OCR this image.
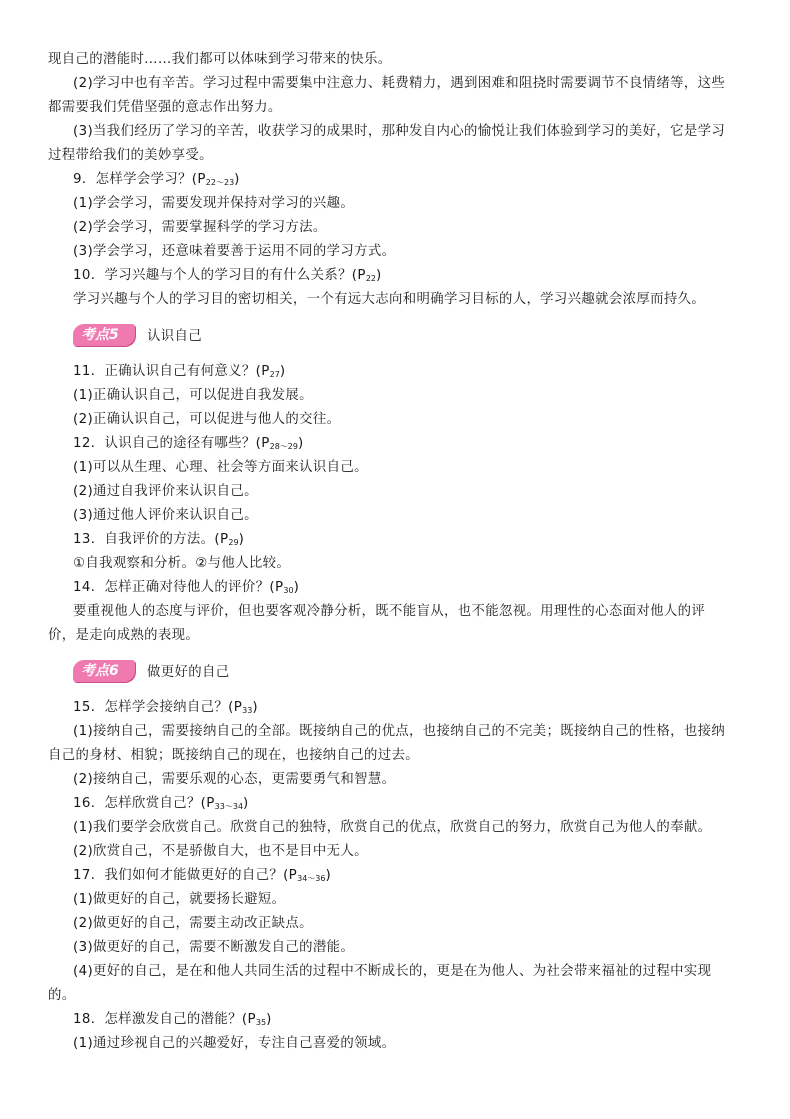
现自己的潜能时……我们都可以体味到学习带来的快乐。
(2)学习中也有辛苦。学习过程中需要集中注意力、耗费精力，遇到困难和阻挠时需要调节不良情绪等，这些
都需要我们凭借坚强的意志作出努力。
(3)当我们经历了学习的辛苦，收获学习的成果时，那种发自内心的愉悦让我们体验到学习的美好，它是学习
过程带给我们的美妙享受。
9．怎样学会学习？$(P_{22\sim 23})$
(1)学会学习，需要发现并保持对学习的兴趣。
(2)学会学习，需要掌握科学的学习方法。
(3)学会学习，还意味着要善于运用不同的学习方式。
10．学习兴趣与个人的学习目的有什么关系？$(P_{22})$
学习兴趣与个人的学习目的密切相关，一个有远大志向和明确学习目标的人，学习兴趣就会浓厚而持久。
考点5 认识自己
11．正确认识自己有何意义？$(P_{27})$
(1)正确认识自己，可以促进自我发展。
(2)正确认识自己，可以促进与他人的交往。
12．认识自己的途径有哪些？$(P_{28\sim 29})$
(1)可以从生理、心理、社会等方面来认识自己。
(2)通过自我评价来认识自己。
(3)通过他人评价来认识自己。
13．自我评价的方法。$(P_{29})$
①自我观察和分析。②与他人比较。
14．怎样正确对待他人的评价？$(P_{30})$
要重视他人的态度与评价，但也要客观冷静分析，既不能盲从，也不能忽视。用理性的心态面对他人的评
价，是走向成熟的表现。
考点6 做更好的自己
15．怎样学会接纳自己？$(P_{33})$
(1)接纳自己，需要接纳自己的全部。既接纳自己的优点，也接纳自己的不完美；既接纳自己的性格，也接纳
自己的身材、相貌；既接纳自己的现在，也接纳自己的过去。
(2)接纳自己，需要乐观的心态，更需要勇气和智慧。
16．怎样欣赏自己？$(P_{33\sim 34})$
(1)我们要学会欣赏自己。欣赏自己的独特，欣赏自己的优点，欣赏自己的努力，欣赏自己为他人的奉献。
(2)欣赏自己，不是骄傲自大，也不是目中无人。
17．我们如何才能做更好的自己？$(P_{34\sim 36})$
(1)做更好的自己，就要扬长避短。
(2)做更好的自己，需要主动改正缺点。
(3)做更好的自己，需要不断激发自己的潜能。
(4)更好的自己，是在和他人共同生活的过程中不断成长的，更是在为他人、为社会带来福祉的过程中实现
的。
18．怎样激发自己的潜能？$(P_{35})$
(1)通过珍视自己的兴趣爱好，专注自己喜爱的领域。
